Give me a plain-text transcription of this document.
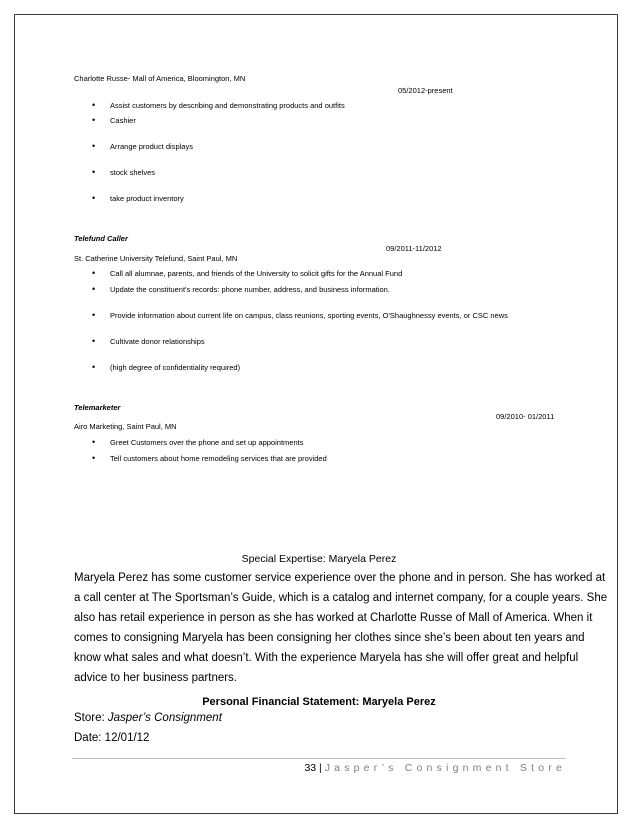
Charlotte Russe- Mall of America, Bloomington, MN
05/2012-present
• Assist customers by describing and demonstrating products and outfits
• Cashier
• Arrange product displays
• stock shelves
• take product inventory
Telefund Caller
09/2011-11/2012
St. Catherine University Telefund, Saint Paul, MN
• Call all alumnae, parents, and friends of the University to solicit gifts for the Annual Fund
• Update the constituent's records: phone number, address, and business information.
• Provide information about current life on campus, class reunions, sporting events, O'Shaughnessy events, or CSC news
• Cultivate donor relationships
• (high degree of confidentiality required)
Telemarketer
09/2010- 01/2011
Airo Marketing, Saint Paul, MN
• Greet Customers over the phone and set up appointments
• Tell customers about home remodeling services that are provided
Special Expertise: Maryela Perez
Maryela Perez has some customer service experience over the phone and in person. She has worked at
a call center at The Sportsman’s Guide, which is a catalog and internet company, for a couple years. She
also has retail experience in person as she has worked at Charlotte Russe of Mall of America. When it
comes to consigning Maryela has been consigning her clothes since she’s been about ten years and
know what sales and what doesn’t. With the experience Maryela has she will offer great and helpful
advice to her business partners.
Personal Financial Statement: Maryela Perez
Store: Jasper’s Consignment
Date: 12/01/12
33 | Jasper’s Consignment Store
